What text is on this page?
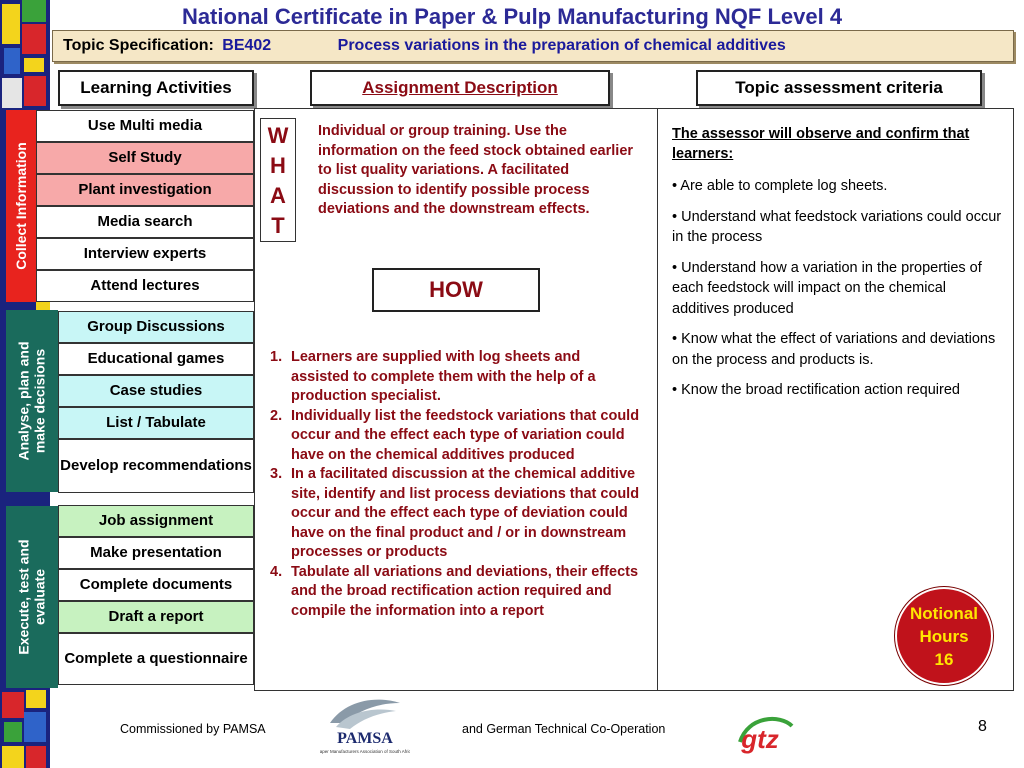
National Certificate in Paper & Pulp Manufacturing NQF Level 4
Topic Specification: BE402	Process variations in the preparation of chemical additives
Learning Activities	Assignment Description	Topic assessment criteria
Collect Information
Analyse, plan and make decisions
Execute, test and evaluate
Use Multi media
Self Study
Plant investigation
Media search
Interview experts
Attend lectures
Group Discussions
Educational games
Case studies
List / Tabulate
Develop recommendations
Job assignment
Make presentation
Complete documents
Draft a report
Complete a questionnaire
W
H
A
T
Individual or group training. Use the information on the feed stock obtained earlier to list quality variations. A facilitated discussion to identify possible process deviations and the downstream effects.
HOW
1. Learners are supplied with log sheets and assisted to complete them with the help of a production specialist.
2. Individually list the feedstock variations that could occur and the effect each type of variation could have on the chemical additives produced
3. In a facilitated discussion at the chemical additive site, identify and list process deviations that could occur and the effect each type of deviation could have on the final product and / or in downstream processes or products
4. Tabulate all variations and deviations, their effects and the broad rectification action required and compile the information into a report
The assessor will observe and confirm that learners:
• Are able to complete log sheets.
• Understand what feedstock variations could occur in the process
• Understand how a variation in the properties of each feedstock will impact on the chemical additives produced
• Know what the effect of variations and deviations on the process and products is.
• Know the broad rectification action required
Notional
Hours
16
Commissioned by PAMSA
PAMSA
Paper Manufacturers Association of South Africa
and German Technical Co-Operation	gtz	8
